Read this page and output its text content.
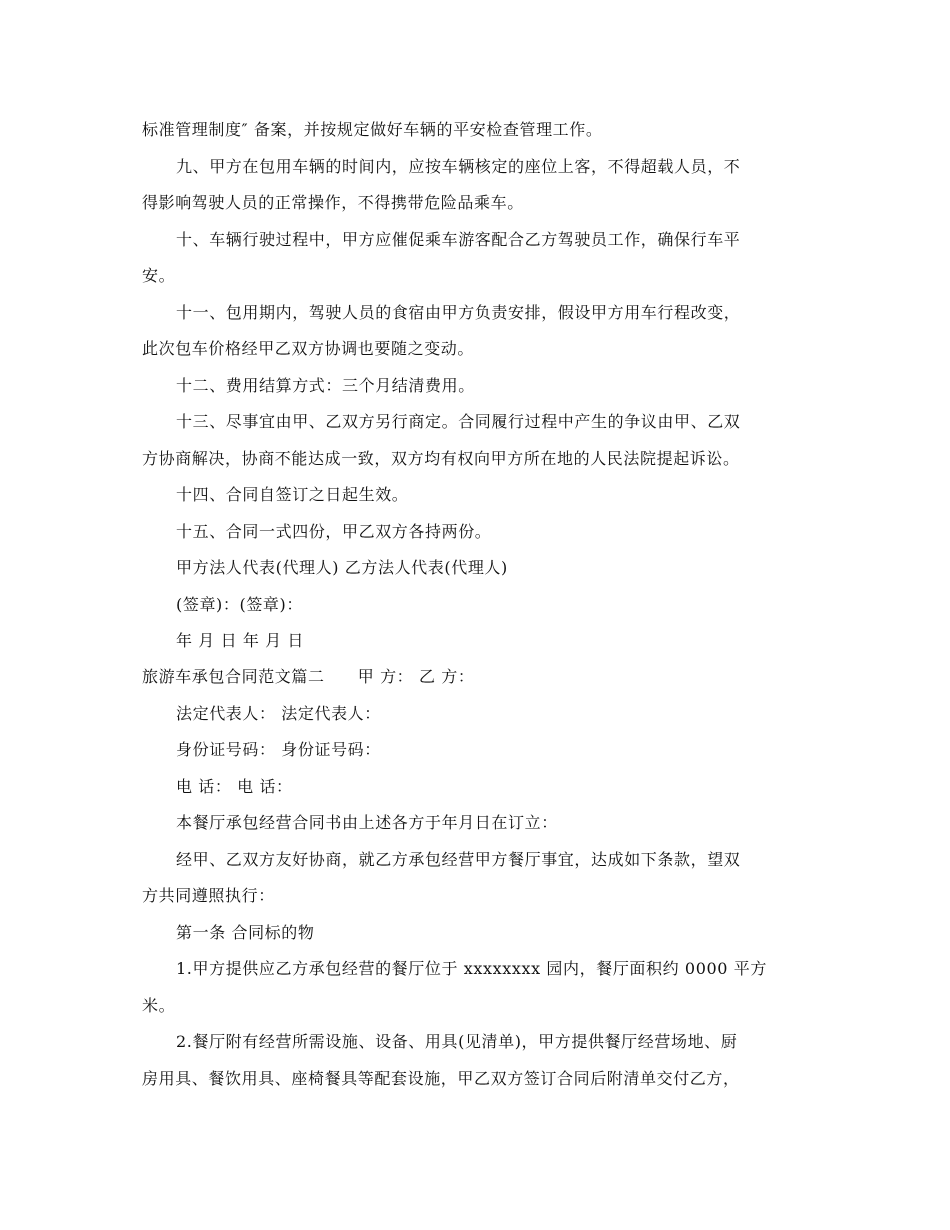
标准管理制度″ 备案，并按规定做好车辆的平安检查管理工作。
九、甲方在包用车辆的时间内，应按车辆核定的座位上客，不得超载人员，不
得影响驾驶人员的正常操作，不得携带危险品乘车。
十、车辆行驶过程中，甲方应催促乘车游客配合乙方驾驶员工作，确保行车平
安。
十一、包用期内，驾驶人员的食宿由甲方负责安排，假设甲方用车行程改变，
此次包车价格经甲乙双方协调也要随之变动。
十二、费用结算方式：三个月结清费用。
十三、尽事宜由甲、乙双方另行商定。合同履行过程中产生的争议由甲、乙双
方协商解决，协商不能达成一致，双方均有权向甲方所在地的人民法院提起诉讼。
十四、合同自签订之日起生效。
十五、合同一式四份，甲乙双方各持两份。
甲方法人代表(代理人) 乙方法人代表(代理人)
(签章)：(签章)：
年 月 日 年 月 日
旅游车承包合同范文篇二　　甲 方： 乙 方：
法定代表人： 法定代表人：
身份证号码： 身份证号码：
电 话： 电 话：
本餐厅承包经营合同书由上述各方于年月日在订立：
经甲、乙双方友好协商，就乙方承包经营甲方餐厅事宜，达成如下条款，望双
方共同遵照执行：
第一条 合同标的物
1.甲方提供应乙方承包经营的餐厅位于 xxxxxxxx 园内，餐厅面积约 0000 平方
米。
2.餐厅附有经营所需设施、设备、用具(见清单)，甲方提供餐厅经营场地、厨
房用具、餐饮用具、座椅餐具等配套设施，甲乙双方签订合同后附清单交付乙方，
